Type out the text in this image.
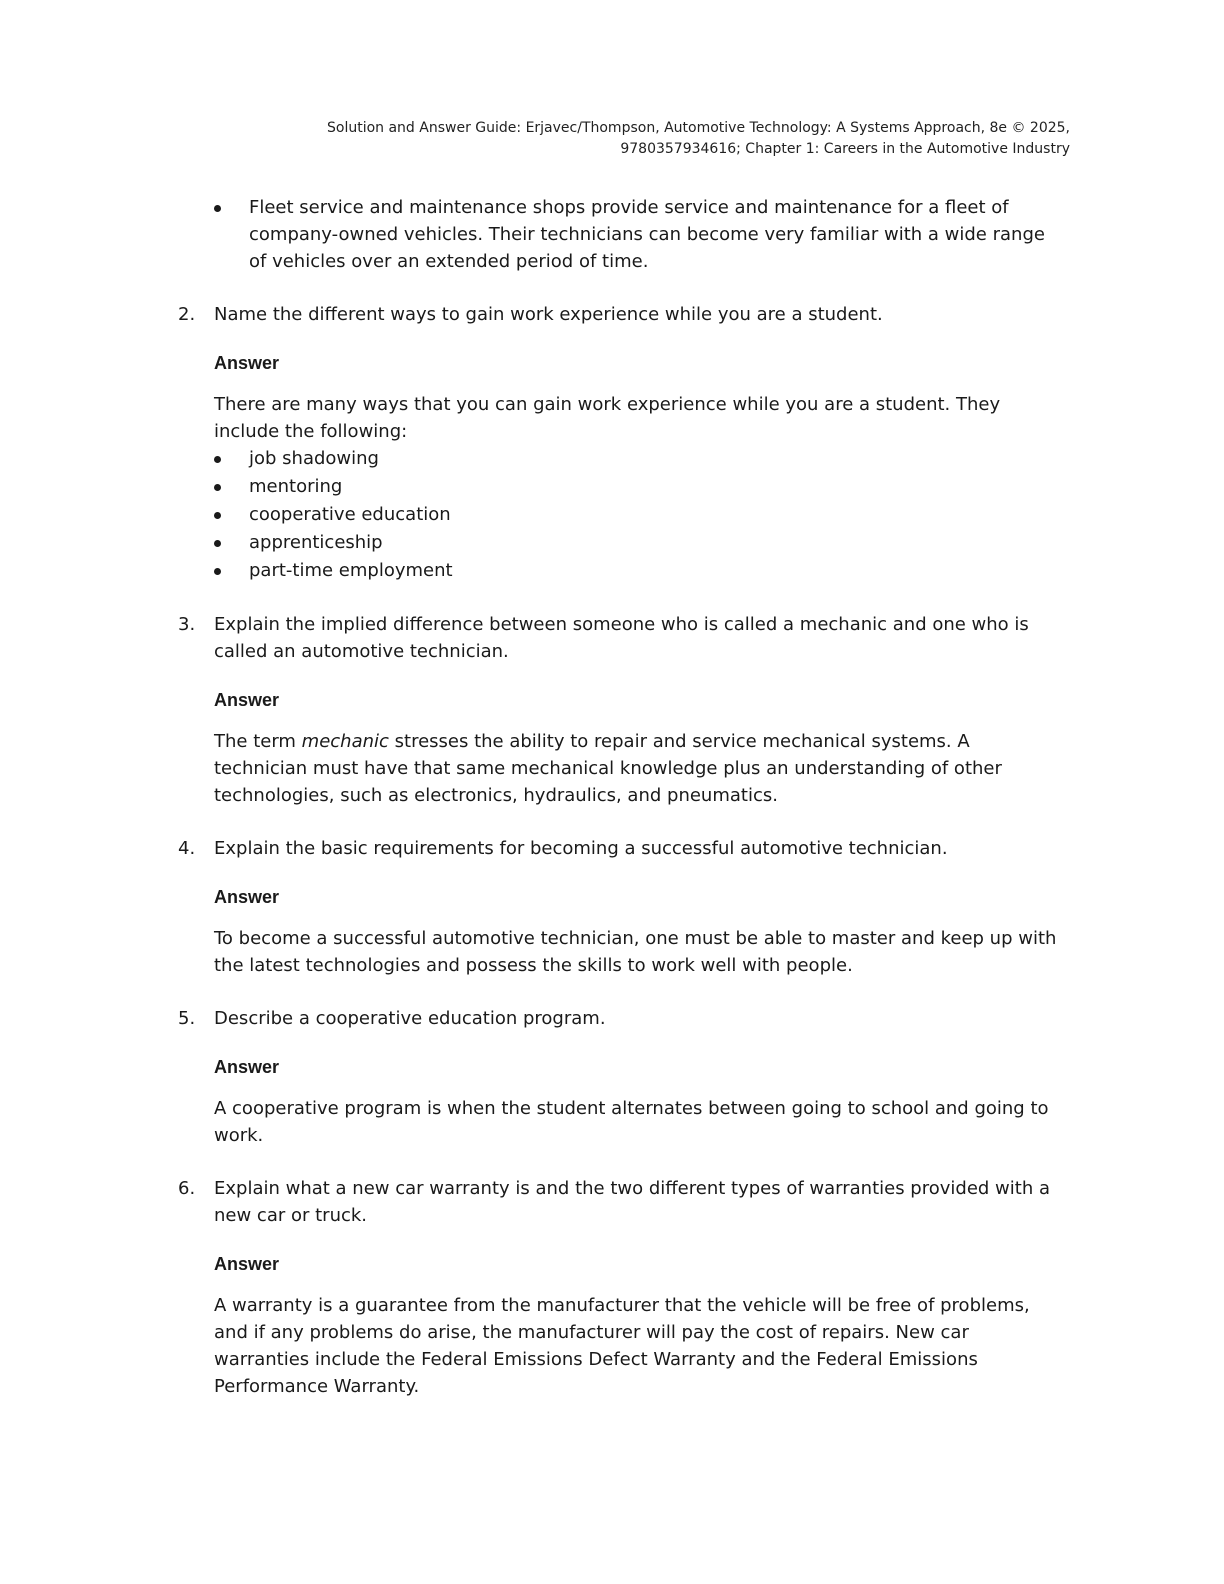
Solution and Answer Guide: Erjavec/Thompson, Automotive Technology: A Systems Approach, 8e © 2025,
9780357934616; Chapter 1: Careers in the Automotive Industry
Fleet service and maintenance shops provide service and maintenance for a fleet of company-owned vehicles. Their technicians can become very familiar with a wide range of vehicles over an extended period of time.
2. Name the different ways to gain work experience while you are a student.
Answer
There are many ways that you can gain work experience while you are a student. They include the following:
job shadowing
mentoring
cooperative education
apprenticeship
part-time employment
3. Explain the implied difference between someone who is called a mechanic and one who is called an automotive technician.
Answer
The term mechanic stresses the ability to repair and service mechanical systems. A technician must have that same mechanical knowledge plus an understanding of other technologies, such as electronics, hydraulics, and pneumatics.
4. Explain the basic requirements for becoming a successful automotive technician.
Answer
To become a successful automotive technician, one must be able to master and keep up with the latest technologies and possess the skills to work well with people.
5. Describe a cooperative education program.
Answer
A cooperative program is when the student alternates between going to school and going to work.
6. Explain what a new car warranty is and the two different types of warranties provided with a new car or truck.
Answer
A warranty is a guarantee from the manufacturer that the vehicle will be free of problems, and if any problems do arise, the manufacturer will pay the cost of repairs. New car warranties include the Federal Emissions Defect Warranty and the Federal Emissions Performance Warranty.
